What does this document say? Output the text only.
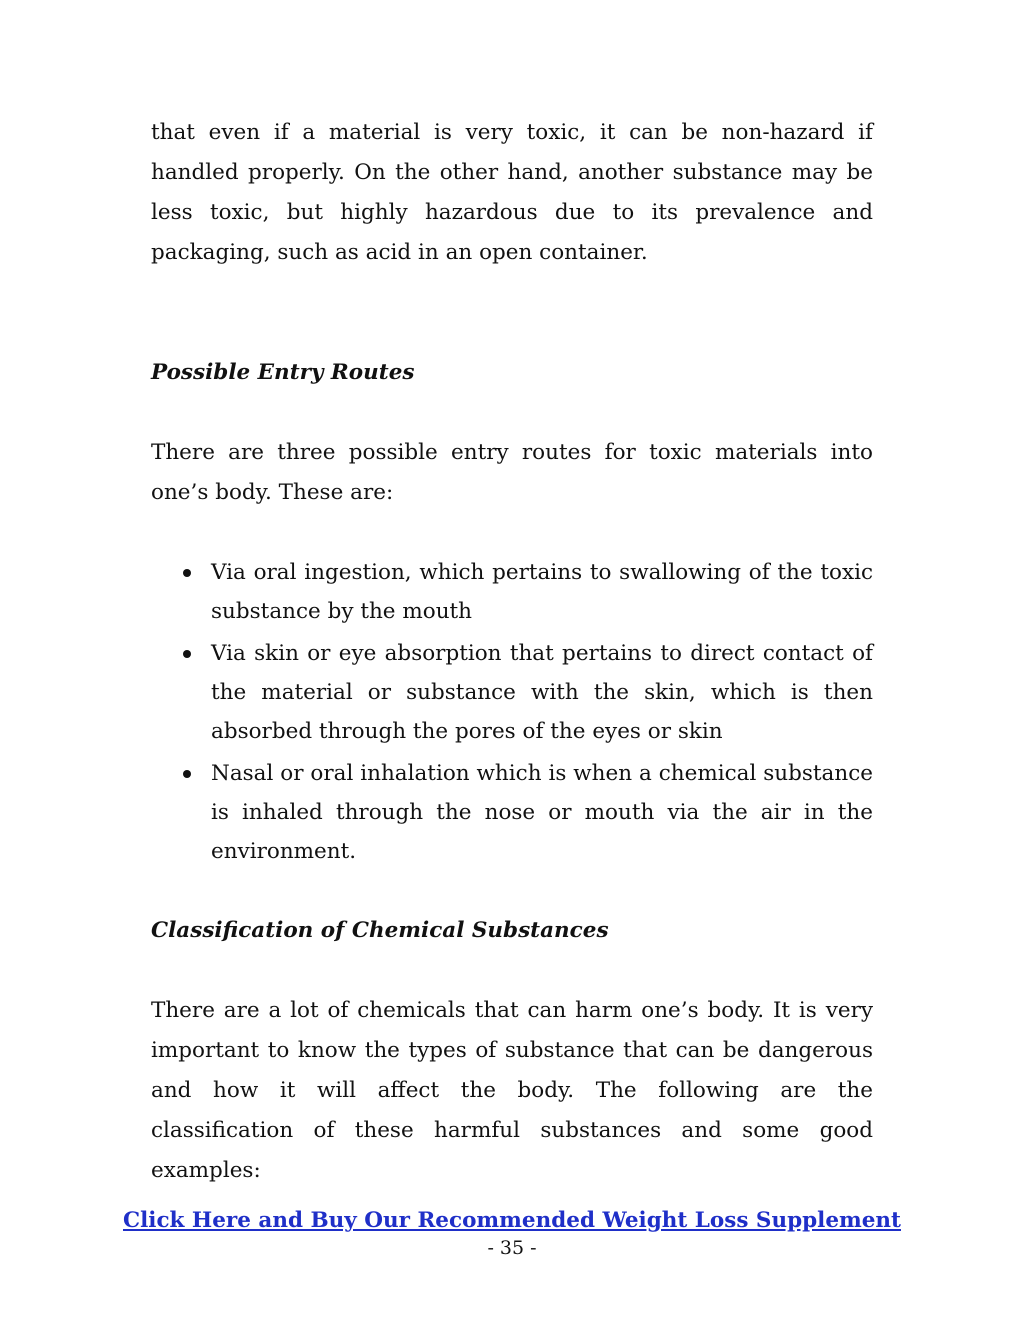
that even if a material is very toxic, it can be non-hazard if handled properly. On the other hand, another substance may be less toxic, but highly hazardous due to its prevalence and packaging, such as acid in an open container.

Possible Entry Routes

There are three possible entry routes for toxic materials into one’s body. These are:

Via oral ingestion, which pertains to swallowing of the toxic substance by the mouth
Via skin or eye absorption that pertains to direct contact of the material or substance with the skin, which is then absorbed through the pores of the eyes or skin
Nasal or oral inhalation which is when a chemical substance is inhaled through the nose or mouth via the air in the environment.
Classification of Chemical Substances

There are a lot of chemicals that can harm one’s body. It is very important to know the types of substance that can be dangerous and how it will affect the body. The following are the classification of these harmful substances and some good examples:

Click Here and Buy Our Recommended Weight Loss Supplement
- 35 -
